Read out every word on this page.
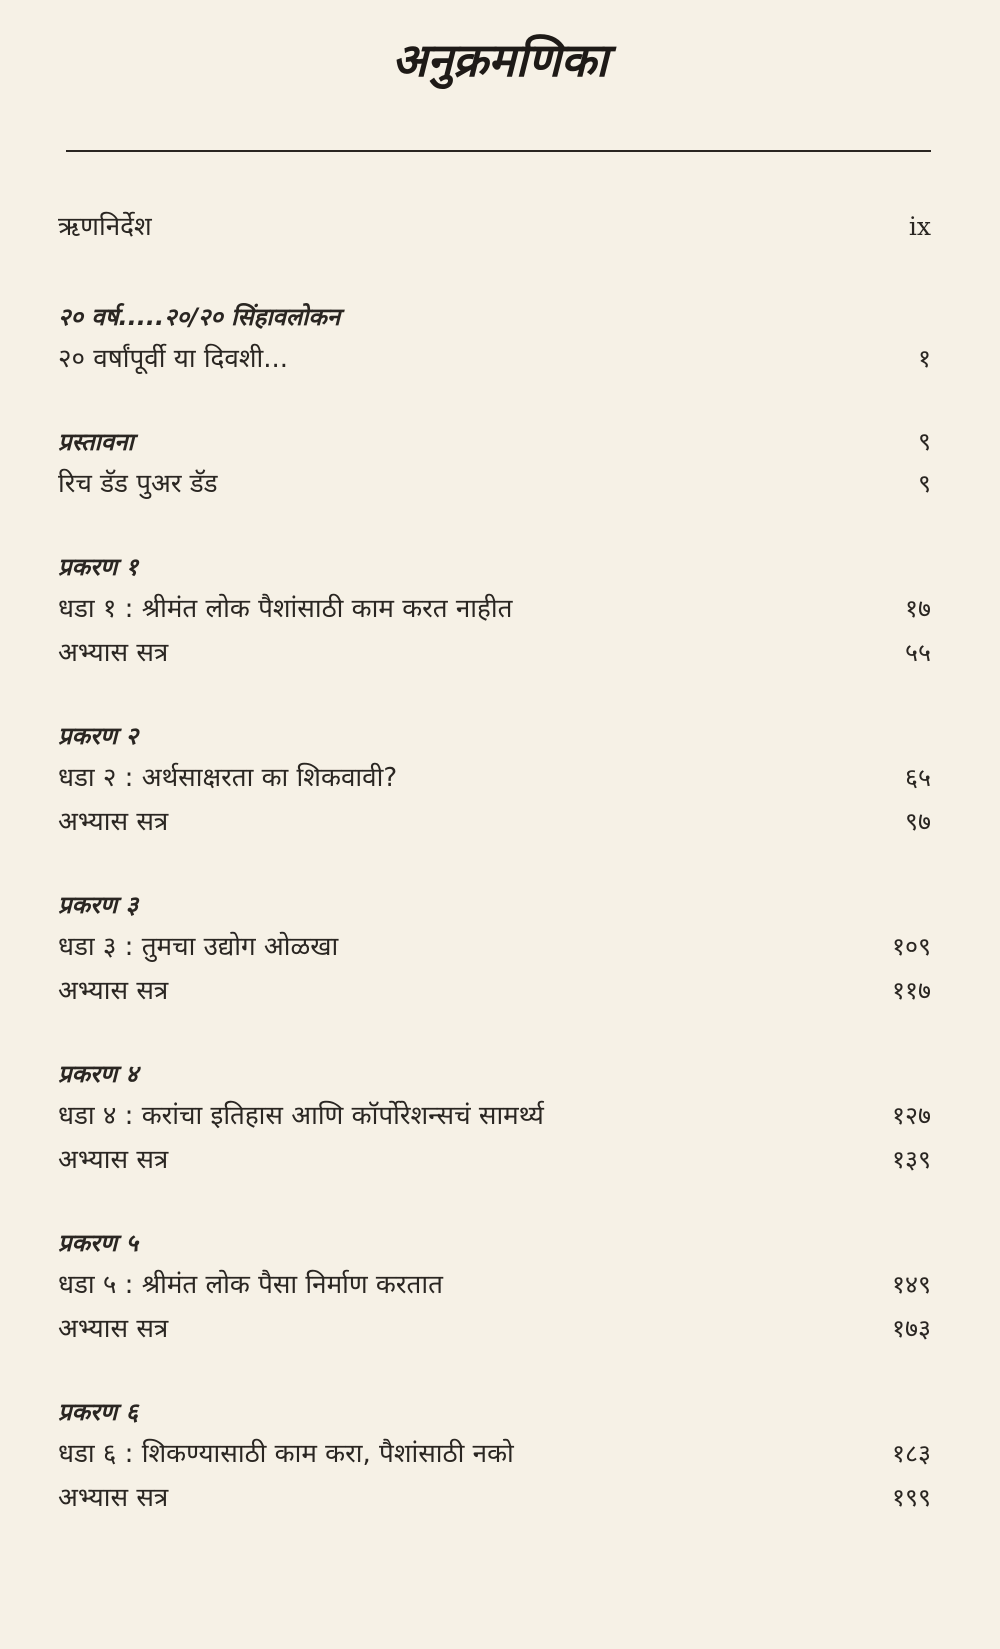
अनुक्रमणिका
ऋणनिर्देश	ix
२० वर्ष.....२०/२० सिंहावलोकन
२० वर्षांपूर्वी या दिवशी...	१
प्रस्तावना	९
रिच डॅड पुअर डॅड	९
प्रकरण १
धडा १ : श्रीमंत लोक पैशांसाठी काम करत नाहीत	१७
अभ्यास सत्र	५५
प्रकरण २
धडा २ : अर्थसाक्षरता का शिकवावी?	६५
अभ्यास सत्र	९७
प्रकरण ३
धडा ३ : तुमचा उद्योग ओळखा	१०९
अभ्यास सत्र	११७
प्रकरण ४
धडा ४ : करांचा इतिहास आणि कॉर्पोरेशन्सचं सामर्थ्य	१२७
अभ्यास सत्र	१३९
प्रकरण ५
धडा ५ : श्रीमंत लोक पैसा निर्माण करतात	१४९
अभ्यास सत्र	१७३
प्रकरण ६
धडा ६ : शिकण्यासाठी काम करा, पैशांसाठी नको	१८३
अभ्यास सत्र	१९९
